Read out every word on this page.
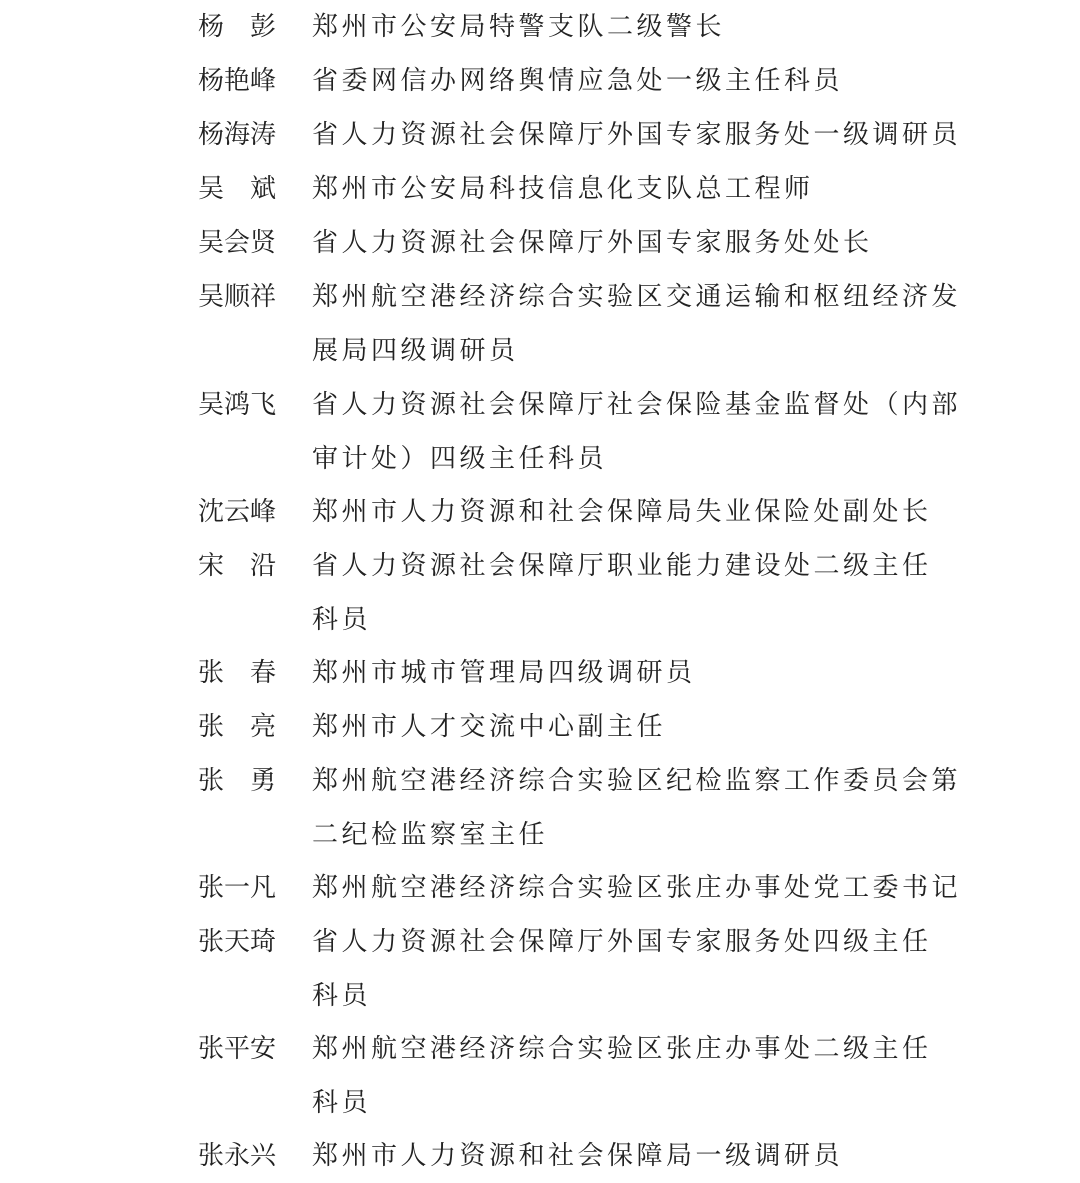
杨　彭 郑州市公安局特警支队二级警长
杨艳峰 省委网信办网络舆情应急处一级主任科员
杨海涛 省人力资源社会保障厅外国专家服务处一级调研员
吴　斌 郑州市公安局科技信息化支队总工程师
吴会贤 省人力资源社会保障厅外国专家服务处处长
吴顺祥 郑州航空港经济综合实验区交通运输和枢纽经济发
展局四级调研员
吴鸿飞 省人力资源社会保障厅社会保险基金监督处（内部
审计处）四级主任科员
沈云峰 郑州市人力资源和社会保障局失业保险处副处长
宋　沿 省人力资源社会保障厅职业能力建设处二级主任
科员
张　春 郑州市城市管理局四级调研员
张　亮 郑州市人才交流中心副主任
张　勇 郑州航空港经济综合实验区纪检监察工作委员会第
二纪检监察室主任
张一凡 郑州航空港经济综合实验区张庄办事处党工委书记
张天琦 省人力资源社会保障厅外国专家服务处四级主任
科员
张平安 郑州航空港经济综合实验区张庄办事处二级主任
科员
张永兴 郑州市人力资源和社会保障局一级调研员
